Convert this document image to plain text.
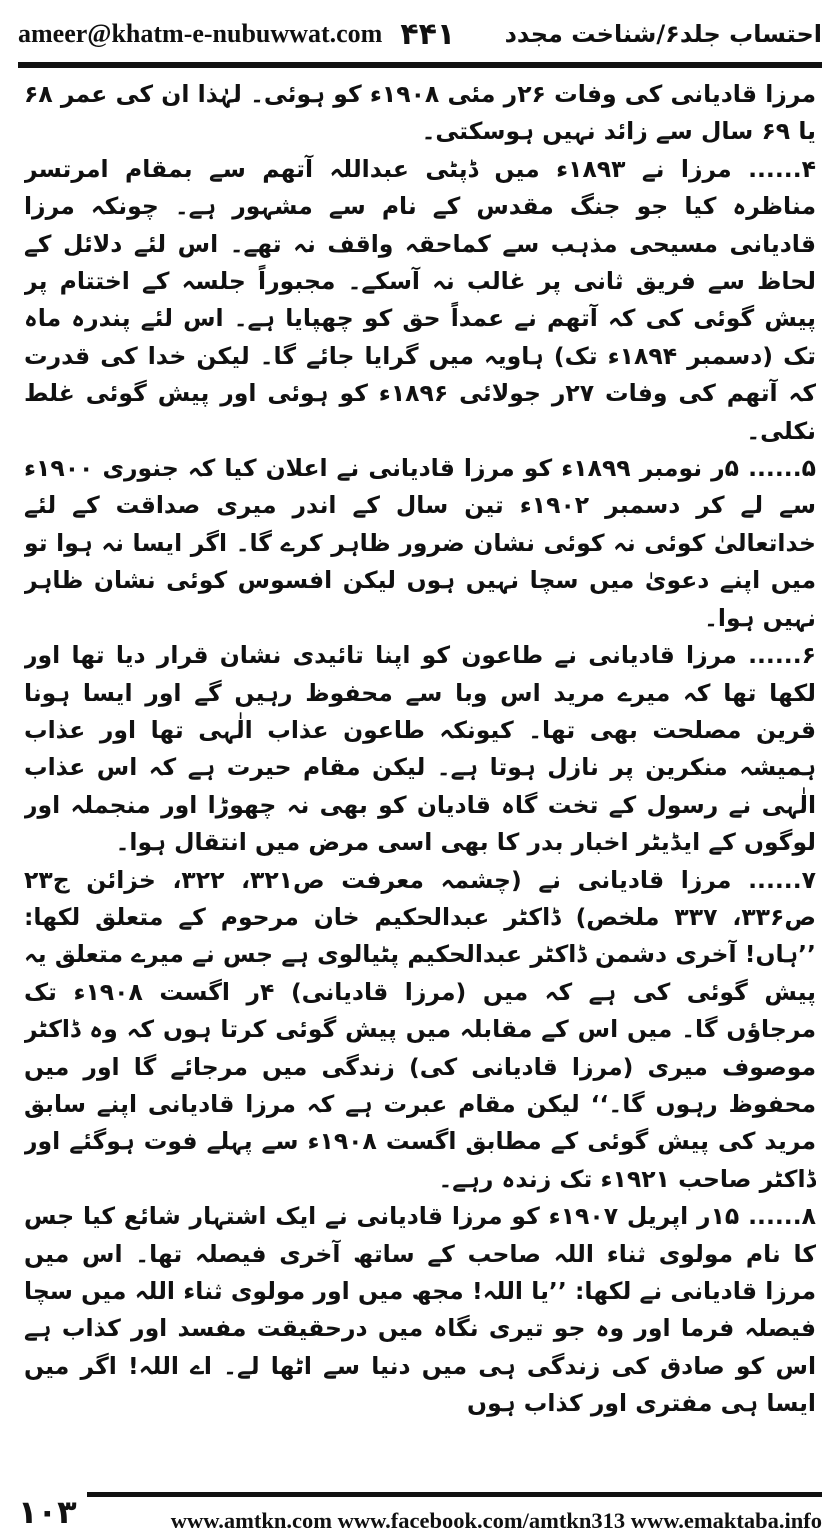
ameer@khatm-e-nubuwwat.com ۴۴۱ احتساب جلد۶/شناخت مجدد

مرزا قادیانی کی وفات ۲۶ر مئی ۱۹۰۸ء کو ہوئی۔ لہٰذا ان کی عمر ۶۸ یا ۶۹ سال سے زائد نہیں ہوسکتی۔

۴...... مرزا نے ۱۸۹۳ء میں ڈپٹی عبداللہ آتھم سے بمقام امرتسر مناظرہ کیا جو جنگ مقدس کے نام سے مشہور ہے۔ چونکہ مرزا قادیانی مسیحی مذہب سے کماحقہ واقف نہ تھے۔ اس لئے دلائل کے لحاظ سے فریق ثانی پر غالب نہ آسکے۔ مجبوراً جلسہ کے اختتام پر پیش گوئی کی کہ آتھم نے عمداً حق کو چھپایا ہے۔ اس لئے پندرہ ماہ تک (دسمبر ۱۸۹۴ء تک) ہاویہ میں گرایا جائے گا۔ لیکن خدا کی قدرت کہ آتھم کی وفات ۲۷ر جولائی ۱۸۹۶ء کو ہوئی اور پیش گوئی غلط نکلی۔

۵...... ۵ر نومبر ۱۸۹۹ء کو مرزا قادیانی نے اعلان کیا کہ جنوری ۱۹۰۰ء سے لے کر دسمبر ۱۹۰۲ء تین سال کے اندر میری صداقت کے لئے خداتعالیٰ کوئی نہ کوئی نشان ضرور ظاہر کرے گا۔ اگر ایسا نہ ہوا تو میں اپنے دعویٰ میں سچا نہیں ہوں لیکن افسوس کوئی نشان ظاہر نہیں ہوا۔

۶...... مرزا قادیانی نے طاعون کو اپنا تائیدی نشان قرار دیا تھا اور لکھا تھا کہ میرے مرید اس وبا سے محفوظ رہیں گے اور ایسا ہونا قرین مصلحت بھی تھا۔ کیونکہ طاعون عذاب الٰہی تھا اور عذاب ہمیشہ منکرین پر نازل ہوتا ہے۔ لیکن مقام حیرت ہے کہ اس عذاب الٰہی نے رسول کے تخت گاہ قادیان کو بھی نہ چھوڑا اور منجملہ اور لوگوں کے ایڈیٹر اخبار بدر کا بھی اسی مرض میں انتقال ہوا۔

۷...... مرزا قادیانی نے (چشمہ معرفت ص۳۲۱، ۳۲۲، خزائن ج۲۳ ص۳۳۶، ۳۳۷ ملخص) ڈاکٹر عبدالحکیم خان مرحوم کے متعلق لکھا: ’’ہاں! آخری دشمن ڈاکٹر عبدالحکیم پٹیالوی ہے جس نے میرے متعلق یہ پیش گوئی کی ہے کہ میں (مرزا قادیانی) ۴ر اگست ۱۹۰۸ء تک مرجاؤں گا۔ میں اس کے مقابلہ میں پیش گوئی کرتا ہوں کہ وہ ڈاکٹر موصوف میری (مرزا قادیانی کی) زندگی میں مرجائے گا اور میں محفوظ رہوں گا۔‘‘ لیکن مقام عبرت ہے کہ مرزا قادیانی اپنے سابق مرید کی پیش گوئی کے مطابق اگست ۱۹۰۸ء سے پہلے فوت ہوگئے اور ڈاکٹر صاحب ۱۹۲۱ء تک زندہ رہے۔

۸...... ۱۵ر اپریل ۱۹۰۷ء کو مرزا قادیانی نے ایک اشتہار شائع کیا جس کا نام مولوی ثناء اللہ صاحب کے ساتھ آخری فیصلہ تھا۔ اس میں مرزا قادیانی نے لکھا: ’’یا اللہ! مجھ میں اور مولوی ثناء اللہ میں سچا فیصلہ فرما اور وہ جو تیری نگاہ میں درحقیقت مفسد اور کذاب ہے اس کو صادق کی زندگی ہی میں دنیا سے اٹھا لے۔ اے اللہ! اگر میں ایسا ہی مفتری اور کذاب ہوں

۱۰۳	www.amtkn.com www.facebook.com/amtkn313 www.emaktaba.info
